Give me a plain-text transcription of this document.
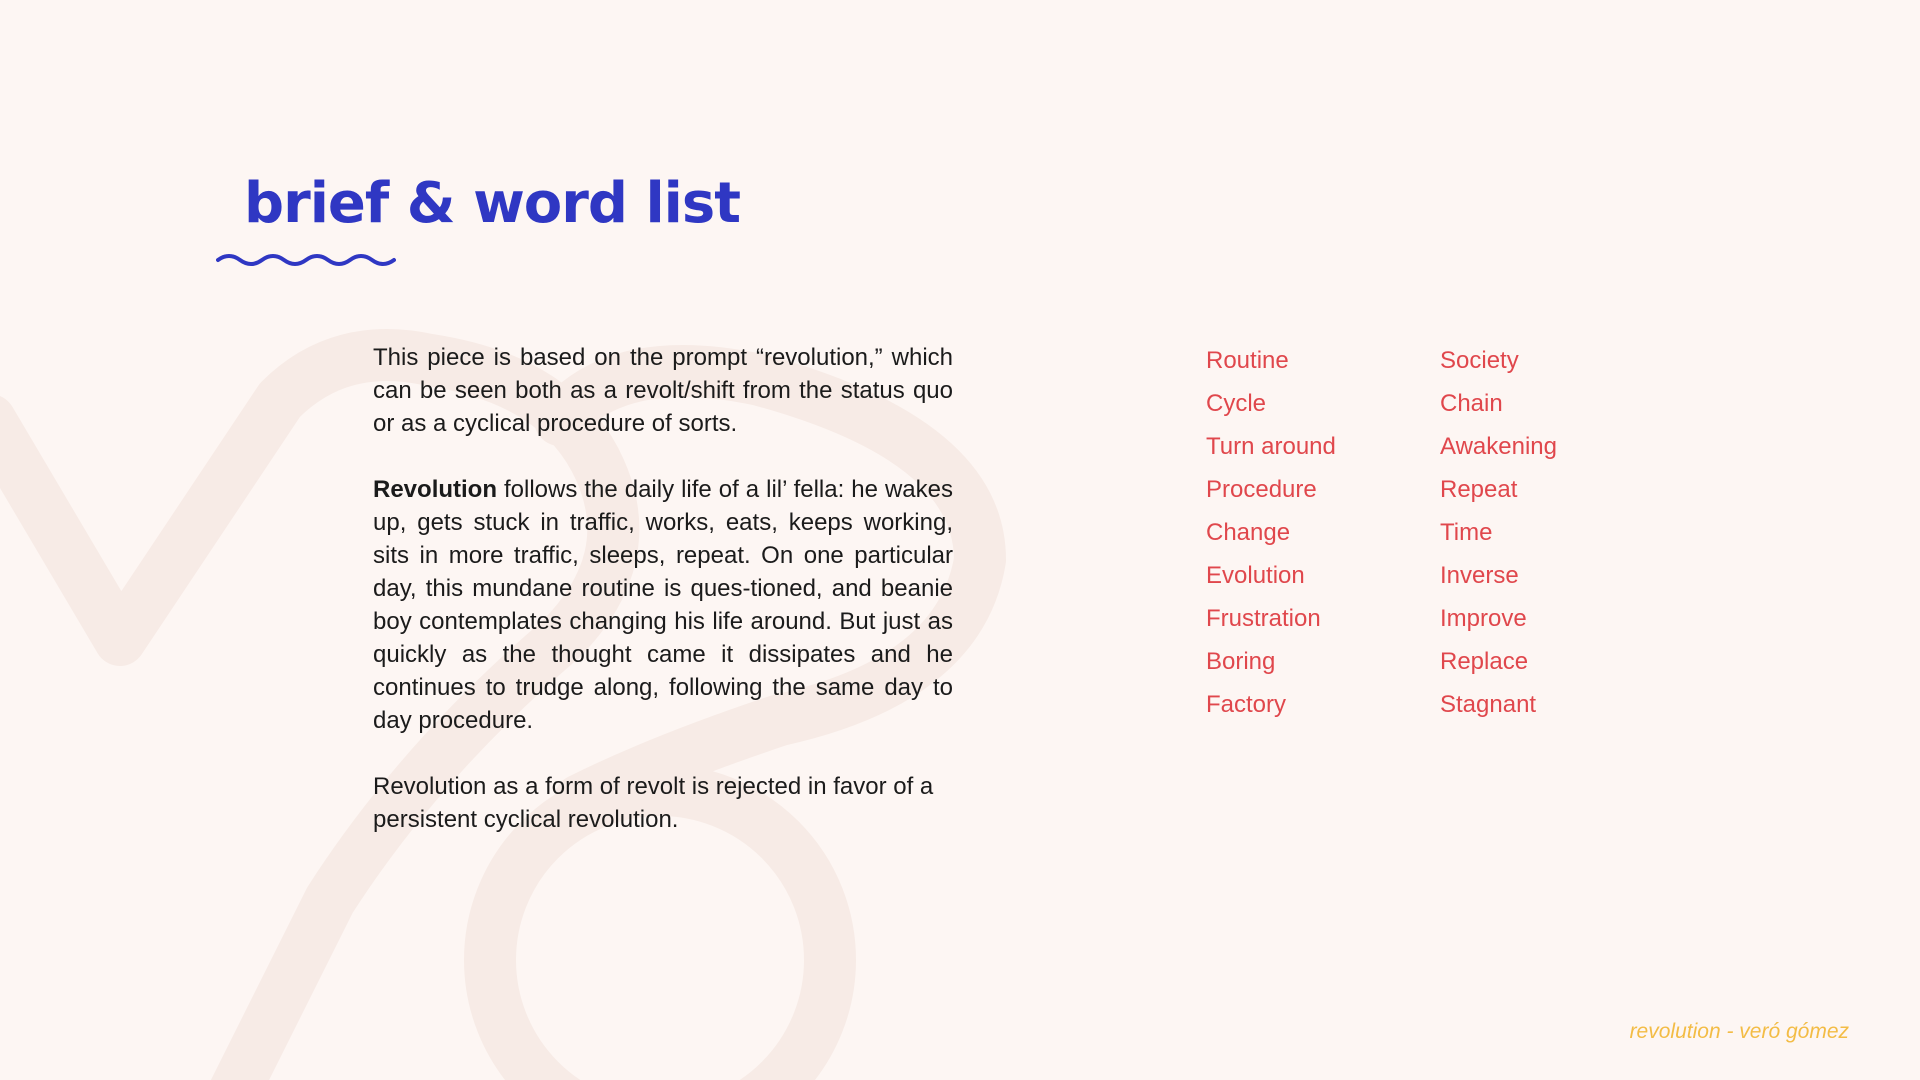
brief & word list

This piece is based on the prompt “revolution,” which can be seen both as a revolt/shift from the status quo or as a cyclical procedure of sorts.

Revolution follows the daily life of a lil’ fella: he wakes up, gets stuck in traffic, works, eats, keeps working, sits in more traffic, sleeps, repeat. On one particular day, this mundane routine is ques-tioned, and beanie boy contemplates changing his life around. But just as quickly as the thought came it dissipates and he continues to trudge along, following the same day to day procedure.

Revolution as a form of revolt is rejected in favor of a persistent cyclical revolution.

Routine
Cycle
Turn around
Procedure
Change
Evolution
Frustration
Boring
Factory
Society
Chain
Awakening
Repeat
Time
Inverse
Improve
Replace
Stagnant
revolution - veró gómez
